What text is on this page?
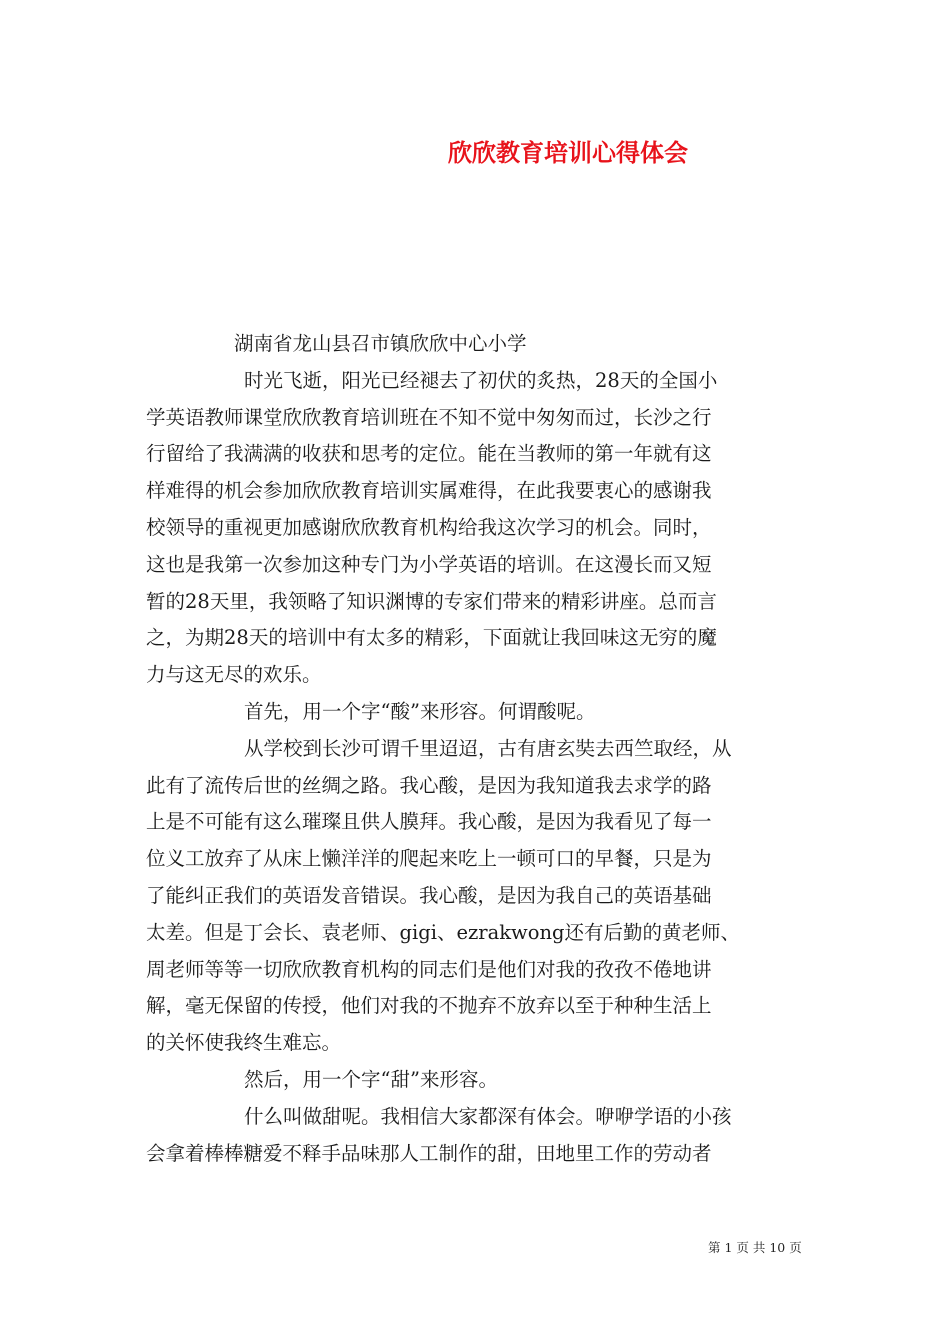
欣欣教育培训心得体会
湖南省龙山县召市镇欣欣中心小学
时光飞逝，阳光已经褪去了初伏的炙热，28天的全国小
学英语教师课堂欣欣教育培训班在不知不觉中匆匆而过，长沙之行
行留给了我满满的收获和思考的定位。能在当教师的第一年就有这
样难得的机会参加欣欣教育培训实属难得，在此我要衷心的感谢我
校领导的重视更加感谢欣欣教育机构给我这次学习的机会。同时，
这也是我第一次参加这种专门为小学英语的培训。在这漫长而又短
暂的28天里，我领略了知识渊博的专家们带来的精彩讲座。总而言
之，为期28天的培训中有太多的精彩，下面就让我回味这无穷的魔
力与这无尽的欢乐。
首先，用一个字“酸”来形容。何谓酸呢。
从学校到长沙可谓千里迢迢，古有唐玄奘去西竺取经，从
此有了流传后世的丝绸之路。我心酸，是因为我知道我去求学的路
上是不可能有这么璀璨且供人膜拜。我心酸，是因为我看见了每一
位义工放弃了从床上懒洋洋的爬起来吃上一顿可口的早餐，只是为
了能纠正我们的英语发音错误。我心酸，是因为我自己的英语基础
太差。但是丁会长、袁老师、gigi、ezrakwong还有后勤的黄老师、
周老师等等一切欣欣教育机构的同志们是他们对我的孜孜不倦地讲
解，毫无保留的传授，他们对我的不抛弃不放弃以至于种种生活上
的关怀使我终生难忘。
然后，用一个字“甜”来形容。
什么叫做甜呢。我相信大家都深有体会。咿咿学语的小孩
会拿着棒棒糖爱不释手品味那人工制作的甜，田地里工作的劳动者
第 1 页 共 10 页
